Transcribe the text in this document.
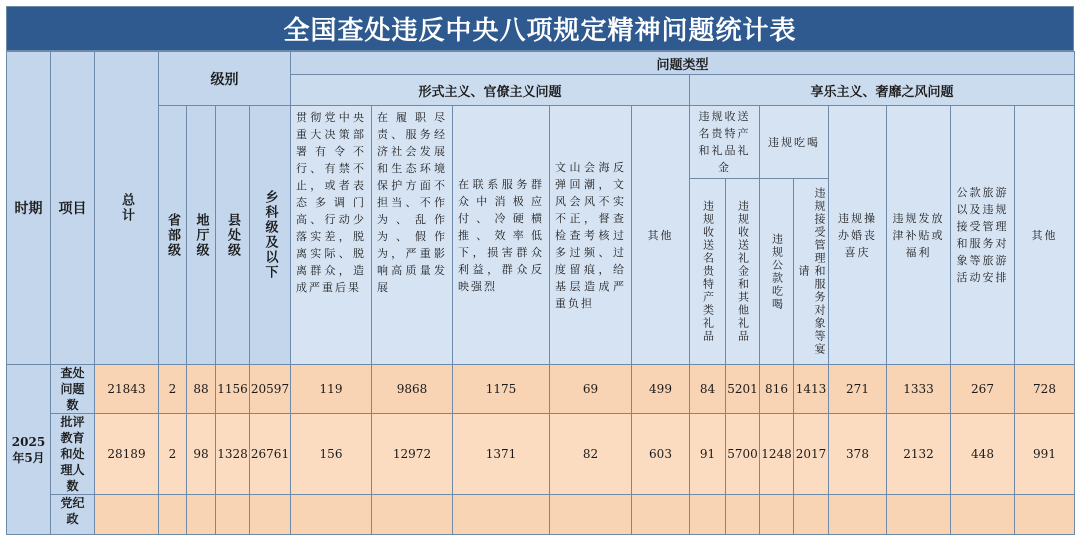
全国查处违反中央八项规定精神问题统计表
时期	项目	总计	级别				问题类型												
							形式主义、官僚主义问题					享乐主义、奢靡之风问题							

			省部级	地厅级	县处级	乡科级及以下	贯彻党中央重大决策部署有令不行、有禁不止，或者表态多调门高、行动少落实差，脱离实际、脱离群众，造成严重后果	在履职尽责、服务经济社会发展和生态环境保护方面不担当、不作为、乱作为、假作为，严重影响高质量发展	在联系服务群众中消极应付、冷硬横推、效率低下，损害群众利益，群众反映强烈	文山会海反弹回潮，文风会风不实不正，督查检查考核过多过频、过度留痕，给基层造成严重负担	其他	违规收送名贵特产和礼品礼金		违规吃喝		违规操办婚丧喜庆	违规发放津补贴或福利	公款旅游以及违规接受管理和服务对象等旅游活动安排	其他

												违规收送名贵特产类礼品	违规收送礼金和其他礼品	违规公款吃喝	违规接受管理和服务对象等宴请				

2025年5月	查处问题数	21843	2	88	1156	20597	119	9868	1175	69	499	84	5201	816	1413	271	1333	267	728
	批评教育和处理人数	28189	2	98	1328	26761	156	12972	1371	82	603	91	5700	1248	2017	378	2132	448	991
	党纪政																		
